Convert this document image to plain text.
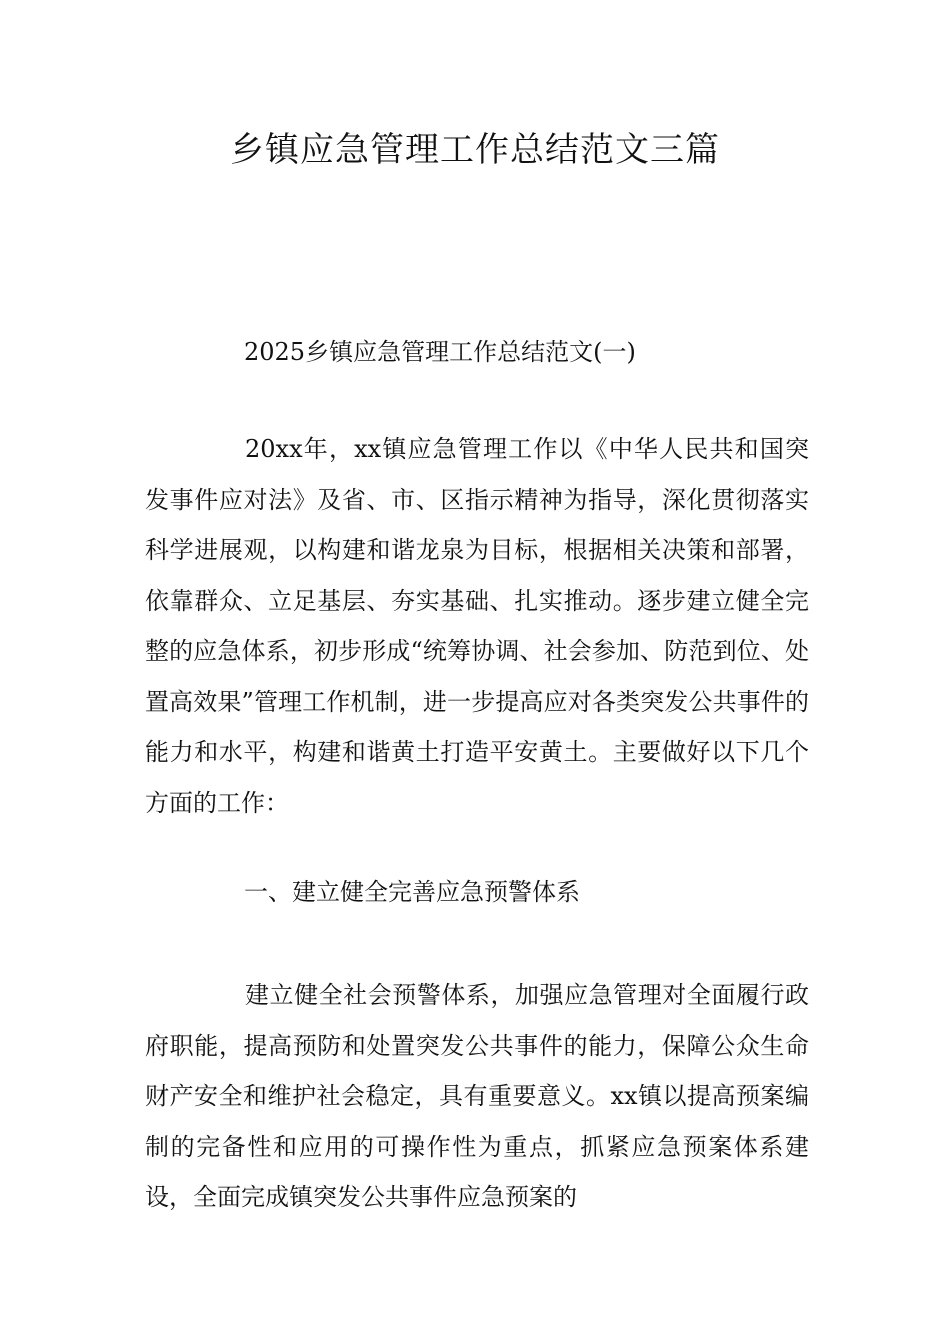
乡镇应急管理工作总结范文三篇

2025乡镇应急管理工作总结范文(一)

20xx年，xx镇应急管理工作以《中华人民共和国突发事件应对法》及省、市、区指示精神为指导，深化贯彻落实科学进展观，以构建和谐龙泉为目标，根据相关决策和部署，依靠群众、立足基层、夯实基础、扎实推动。逐步建立健全完整的应急体系，初步形成“统筹协调、社会参加、防范到位、处置高效果”管理工作机制，进一步提高应对各类突发公共事件的能力和水平，构建和谐黄土打造平安黄土。主要做好以下几个方面的工作：

一、建立健全完善应急预警体系

建立健全社会预警体系，加强应急管理对全面履行政府职能，提高预防和处置突发公共事件的能力，保障公众生命财产安全和维护社会稳定，具有重要意义。xx镇以提高预案编制的完备性和应用的可操作性为重点，抓紧应急预案体系建设，全面完成镇突发公共事件应急预案的
